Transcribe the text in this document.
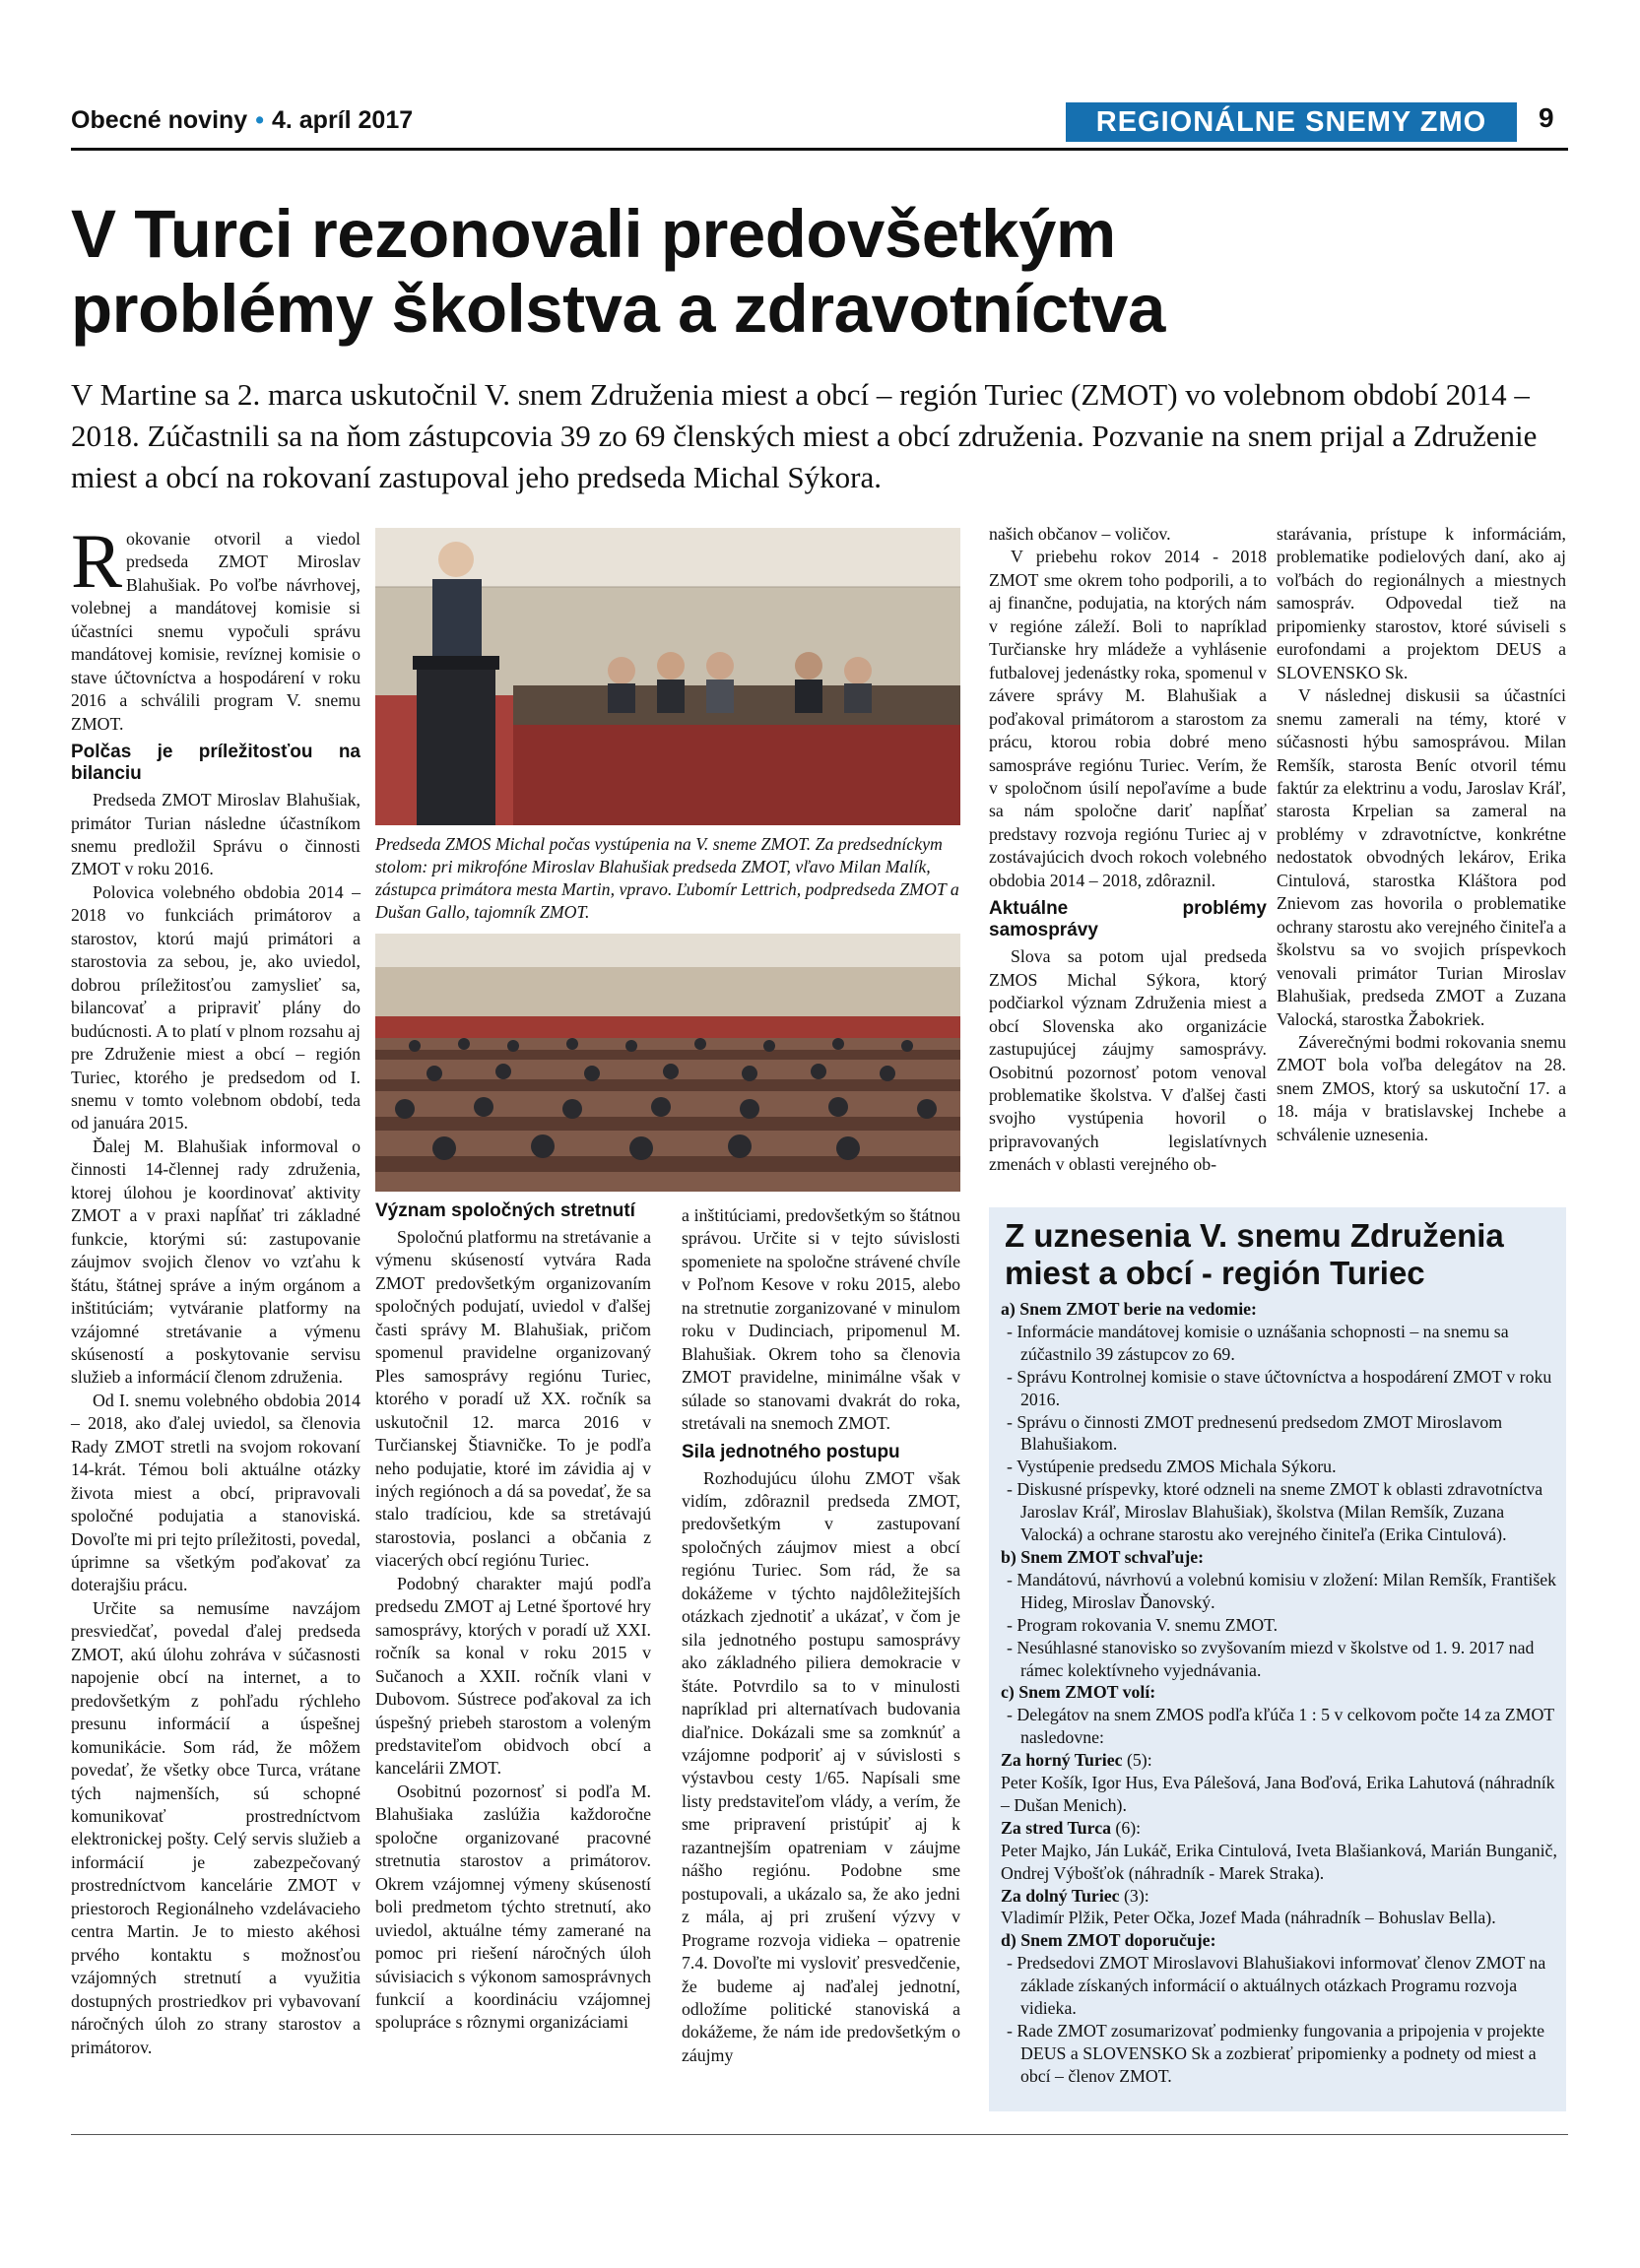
Obecné noviny • 4. apríl 2017	REGIONÁLNE SNEMY ZMO	9
V Turci rezonovali predovšetkým
problémy školstva a zdravotníctva
V Martine sa 2. marca uskutočnil V. snem Združenia miest a obcí – región Turiec (ZMOT) vo volebnom období 2014 – 2018. Zúčastnili sa na ňom zástupcovia 39 zo 69 členských miest a obcí združenia. Pozvanie na snem prijal a Združenie miest a obcí na rokovaní zastupoval jeho predseda Michal Sýkora.

Rokovanie otvoril a viedol predseda ZMOT Miroslav Blahušiak. Po voľbe návrhovej, volebnej a mandátovej komisie si účastníci snemu vypočuli správu mandátovej komisie, revíznej komisie o stave účtovníctva a hospodárení v roku 2016 a schválili program V. snemu ZMOT.

Polčas je príležitosťou na bilanciu

Predseda ZMOT Miroslav Blahušiak, primátor Turian následne účastníkom snemu predložil Správu o činnosti ZMOT v roku 2016.

Polovica volebného obdobia 2014 – 2018 vo funkciách primátorov a starostov, ktorú majú primátori a starostovia za sebou, je, ako uviedol, dobrou príležitosťou zamyslieť sa, bilancovať a pripraviť plány do budúcnosti. A to platí v plnom rozsahu aj pre Združenie miest a obcí – región Turiec, ktorého je predsedom od I. snemu v tomto volebnom období, teda od januára 2015.

Ďalej M. Blahušiak informoval o činnosti 14-člennej rady združenia, ktorej úlohou je koordinovať aktivity ZMOT a v praxi napĺňať tri základné funkcie, ktorými sú: zastupovanie záujmov svojich členov vo vzťahu k štátu, štátnej správe a iným orgánom a inštitúciám; vytváranie platformy na vzájomné stretávanie a výmenu skúseností a poskytovanie servisu služieb a informácií členom združenia.

Od I. snemu volebného obdobia 2014 – 2018, ako ďalej uviedol, sa členovia Rady ZMOT stretli na svojom rokovaní 14-krát. Témou boli aktuálne otázky života miest a obcí, pripravovali spoločné podujatia a stanoviská. Dovoľte mi pri tejto príležitosti, povedal, úprimne sa všetkým poďakovať za doterajšiu prácu.

Určite sa nemusíme navzájom presviedčať, povedal ďalej predseda ZMOT, akú úlohu zohráva v súčasnosti napojenie obcí na internet, a to predovšetkým z pohľadu rýchleho presunu informácií a úspešnej komunikácie. Som rád, že môžem povedať, že všetky obce Turca, vrátane tých najmenších, sú schopné komunikovať prostredníctvom elektronickej pošty. Celý servis služieb a informácií je zabezpečovaný prostredníctvom kancelárie ZMOT v priestoroch Regionálneho vzdelávacieho centra Martin. Je to miesto akéhosi prvého kontaktu s možnosťou vzájomných stretnutí a využitia dostupných prostriedkov pri vybavovaní náročných úloh zo strany starostov a primátorov.

Predseda ZMOS Michal počas vystúpenia na V. sneme ZMOT. Za predsedníckym stolom: pri mikrofóne Miroslav Blahušiak predseda ZMOT, vľavo Milan Malík, zástupca primátora mesta Martin, vpravo. Ľubomír Lettrich, podpredseda ZMOT a Dušan Gallo, tajomník ZMOT.
Význam spoločných stretnutí

Spoločnú platformu na stretávanie a výmenu skúseností vytvára Rada ZMOT predovšetkým organizovaním spoločných podujatí, uviedol v ďalšej časti správy M. Blahušiak, pričom spomenul pravidelne organizovaný Ples samosprávy regiónu Turiec, ktorého v poradí už XX. ročník sa uskutočnil 12. marca 2016 v Turčianskej Štiavničke. To je podľa neho podujatie, ktoré im závidia aj v iných regiónoch a dá sa povedať, že sa stalo tradíciou, kde sa stretávajú starostovia, poslanci a občania z viacerých obcí regiónu Turiec.

Podobný charakter majú podľa predsedu ZMOT aj Letné športové hry samosprávy, ktorých v poradí už XXI. ročník sa konal v roku 2015 v Sučanoch a XXII. ročník vlani v Dubovom. Sústrece poďakoval za ich úspešný priebeh starostom a voleným predstaviteľom obidvoch obcí a kancelárii ZMOT.

Osobitnú pozornosť si podľa M. Blahušiaka zaslúžia každoročne spoločne organizované pracovné stretnutia starostov a primátorov. Okrem vzájomnej výmeny skúseností boli predmetom týchto stretnutí, ako uviedol, aktuálne témy zamerané na pomoc pri riešení náročných úloh súvisiacich s výkonom samosprávnych funkcií a koordináciu vzájomnej spolupráce s rôznymi organizáciami

a inštitúciami, predovšetkým so štátnou správou. Určite si v tejto súvislosti spomeniete na spoločne strávené chvíle v Poľnom Kesove v roku 2015, alebo na stretnutie zorganizované v minulom roku v Dudinciach, pripomenul M. Blahušiak. Okrem toho sa členovia ZMOT pravidelne, minimálne však v súlade so stanovami dvakrát do roka, stretávali na snemoch ZMOT.

Sila jednotného postupu

Rozhodujúcu úlohu ZMOT však vidím, zdôraznil predseda ZMOT, predovšetkým v zastupovaní spoločných záujmov miest a obcí regiónu Turiec. Som rád, že sa dokážeme v týchto najdôležitejších otázkach zjednotiť a ukázať, v čom je sila jednotného postupu samosprávy ako základného piliera demokracie v štáte. Potvrdilo sa to v minulosti napríklad pri alternatívach budovania diaľnice. Dokázali sme sa zomknúť a vzájomne podporiť aj v súvislosti s výstavbou cesty 1/65. Napísali sme listy predstaviteľom vlády, a verím, že sme pripravení pristúpiť aj k razantnejším opatreniam v záujme nášho regiónu. Podobne sme postupovali, a ukázalo sa, že ako jedni z mála, aj pri zrušení výzvy v Programe rozvoja vidieka – opatrenie 7.4. Dovoľte mi vysloviť presvedčenie, že budeme aj naďalej jednotní, odložíme politické stanoviská a dokážeme, že nám ide predovšetkým o záujmy

našich občanov – voličov.

V priebehu rokov 2014 - 2018 ZMOT sme okrem toho podporili, a to aj finančne, podujatia, na ktorých nám v regióne záleží. Boli to napríklad Turčianske hry mládeže a vyhlásenie futbalovej jedenástky roka, spomenul v závere správy M. Blahušiak a poďakoval primátorom a starostom za prácu, ktorou robia dobré meno samospráve regiónu Turiec. Verím, že v spoločnom úsilí nepoľavíme a bude sa nám spoločne dariť napĺňať predstavy rozvoja regiónu Turiec aj v zostávajúcich dvoch rokoch volebného obdobia 2014 – 2018, zdôraznil.

Aktuálne problémy samosprávy

Slova sa potom ujal predseda ZMOS Michal Sýkora, ktorý podčiarkol význam Združenia miest a obcí Slovenska ako organizácie zastupujúcej záujmy samosprávy. Osobitnú pozornosť potom venoval problematike školstva. V ďalšej časti svojho vystúpenia hovoril o pripravovaných legislatívnych zmenách v oblasti verejného ob-

starávania, prístupe k informáciám, problematike podielových daní, ako aj voľbách do regionálnych a miestnych samospráv. Odpovedal tiež na pripomienky starostov, ktoré súviseli s eurofondami a projektom DEUS a SLOVENSKO Sk.

V následnej diskusii sa účastníci snemu zamerali na témy, ktoré v súčasnosti hýbu samosprávou. Milan Remšík, starosta Beníc otvoril tému faktúr za elektrinu a vodu, Jaroslav Kráľ, starosta Krpelian sa zameral na problémy v zdravotníctve, konkrétne nedostatok obvodných lekárov, Erika Cintulová, starostka Kláštora pod Znievom zas hovorila o problematike ochrany starostu ako verejného činiteľa a školstvu sa vo svojich príspevkoch venovali primátor Turian Miroslav Blahušiak, predseda ZMOT a Zuzana Valocká, starostka Žabokriek.

Záverečnými bodmi rokovania snemu ZMOT bola voľba delegátov na 28. snem ZMOS, ktorý sa uskutoční 17. a 18. mája v bratislavskej Inchebe a schválenie uznesenia.

Z uznesenia V. snemu Združenia
miest a obcí - región Turiec

a) Snem ZMOT berie na vedomie:

- Informácie mandátovej komisie o uznášania schopnosti – na snemu sa zúčastnilo 39 zástupcov zo 69.

- Správu Kontrolnej komisie o stave účtovníctva a hospodárení ZMOT v roku 2016.

- Správu o činnosti ZMOT prednesenú predsedom ZMOT Miroslavom Blahušiakom.

- Vystúpenie predsedu ZMOS Michala Sýkoru.

- Diskusné príspevky, ktoré odzneli na sneme ZMOT k oblasti zdravotníctva Jaroslav Kráľ, Miroslav Blahušiak), školstva (Milan Remšík, Zuzana Valocká) a ochrane starostu ako verejného činiteľa (Erika Cintulová).

b) Snem ZMOT schvaľuje:

- Mandátovú, návrhovú a volebnú komisiu v zložení: Milan Remšík, František Hideg, Miroslav Ďanovský.

- Program rokovania V. snemu ZMOT.

- Nesúhlasné stanovisko so zvyšovaním miezd v školstve od 1. 9. 2017 nad rámec kolektívneho vyjednávania.

c) Snem ZMOT volí:

- Delegátov na snem ZMOS podľa kľúča 1 : 5 v celkovom počte 14 za ZMOT nasledovne:

Za horný Turiec (5):

Peter Košík, Igor Hus, Eva Pálešová, Jana Boďová, Erika Lahutová (náhradník – Dušan Menich).

Za stred Turca (6):

Peter Majko, Ján Lukáč, Erika Cintulová, Iveta Blašianková, Marián Bunganič, Ondrej Výbošťok (náhradník - Marek Straka).

Za dolný Turiec (3):

Vladimír Plžik, Peter Očka, Jozef Mada (náhradník – Bohuslav Bella).

d) Snem ZMOT doporučuje:

- Predsedovi ZMOT Miroslavovi Blahušiakovi informovať členov ZMOT na základe získaných informácií o aktuálnych otázkach Programu rozvoja vidieka.

- Rade ZMOT zosumarizovať podmienky fungovania a pripojenia v projekte DEUS a SLOVENSKO Sk a zozbierať pripomienky a podnety od miest a obcí – členov ZMOT.
